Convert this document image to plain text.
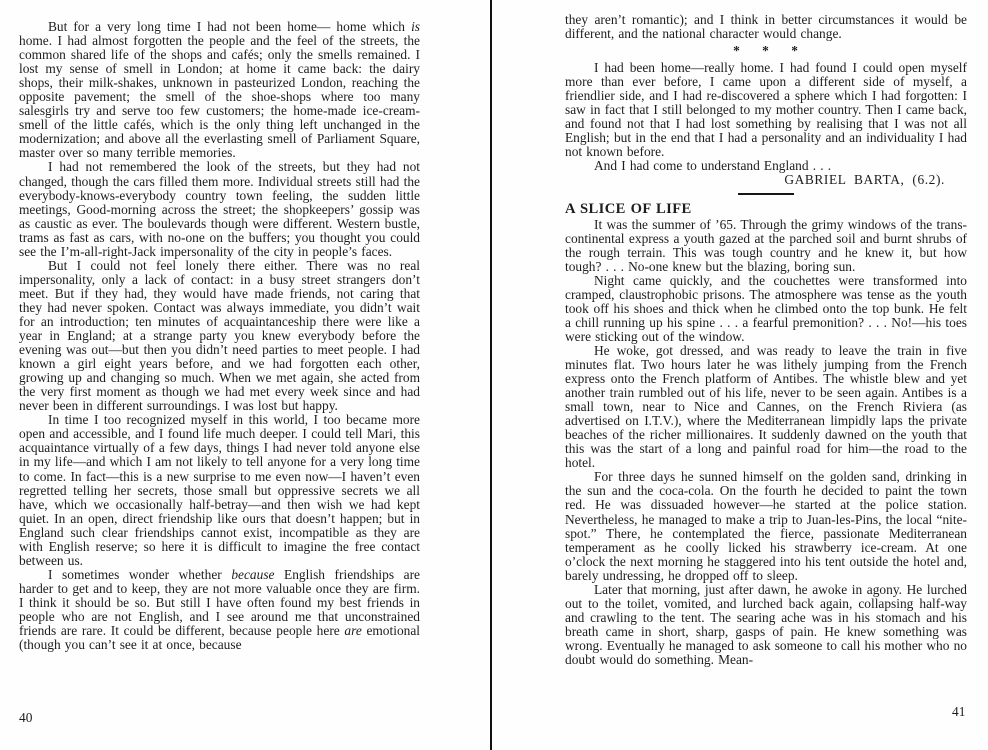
But for a very long time I had not been home— home which is home. I had almost forgotten the people and the feel of the streets, the common shared life of the shops and cafés; only the smells remained. I lost my sense of smell in London; at home it came back: the dairy shops, their milk-shakes, unknown in pasteurized London, reaching the opposite pavement; the smell of the shoe-shops where too many salesgirls try and serve too few customers; the home-made ice-cream-smell of the little cafés, which is the only thing left unchanged in the modernization; and above all the everlasting smell of Parliament Square, master over so many terrible memories.

I had not remembered the look of the streets, but they had not changed, though the cars filled them more. Individual streets still had the everybody-knows-everybody country town feeling, the sudden little meetings, Good-morning across the street; the shopkeepers’ gossip was as caustic as ever. The boulevards though were different. Western bustle, trams as fast as cars, with no-one on the buffers; you thought you could see the I’m-all-right-Jack impersonality of the city in people’s faces.

But I could not feel lonely there either. There was no real impersonality, only a lack of contact: in a busy street strangers don’t meet. But if they had, they would have made friends, not caring that they had never spoken. Contact was always immediate, you didn’t wait for an introduction; ten minutes of acquaintanceship there were like a year in England; at a strange party you knew everybody before the evening was out—but then you didn’t need parties to meet people. I had known a girl eight years before, and we had forgotten each other, growing up and changing so much. When we met again, she acted from the very first moment as though we had met every week since and had never been in different surroundings. I was lost but happy.

In time I too recognized myself in this world, I too became more open and accessible, and I found life much deeper. I could tell Mari, this acquaintance virtually of a few days, things I had never told anyone else in my life—and which I am not likely to tell anyone for a very long time to come. In fact—this is a new surprise to me even now—I haven’t even regretted telling her secrets, those small but oppressive secrets we all have, which we occasionally half-betray—and then wish we had kept quiet. In an open, direct friendship like ours that doesn’t happen; but in England such clear friendships cannot exist, incompatible as they are with English reserve; so here it is difficult to imagine the free contact between us.

I sometimes wonder whether because English friendships are harder to get and to keep, they are not more valuable once they are firm. I think it should be so. But still I have often found my best friends in people who are not English, and I see around me that unconstrained friends are rare. It could be different, because people here are emotional (though you can’t see it at once, because

they aren’t romantic); and I think in better circumstances it would be different, and the national character would change.

* * *

I had been home—really home. I had found I could open myself more than ever before, I came upon a different side of myself, a friendlier side, and I had re-discovered a sphere which I had forgotten: I saw in fact that I still belonged to my mother country. Then I came back, and found not that I had lost something by realising that I was not all English; but in the end that I had a personality and an individuality I had not known before.

And I had come to understand England . . .

GABRIEL BARTA, (6.2).
A SLICE OF LIFE

It was the summer of ’65. Through the grimy windows of the trans-continental express a youth gazed at the parched soil and burnt shrubs of the rough terrain. This was tough country and he knew it, but how tough? . . . No-one knew but the blazing, boring sun.

Night came quickly, and the couchettes were transformed into cramped, claustrophobic prisons. The atmosphere was tense as the youth took off his shoes and thick when he climbed onto the top bunk. He felt a chill running up his spine . . . a fearful premonition? . . . No!—his toes were sticking out of the window.

He woke, got dressed, and was ready to leave the train in five minutes flat. Two hours later he was lithely jumping from the French express onto the French platform of Antibes. The whistle blew and yet another train rumbled out of his life, never to be seen again. Antibes is a small town, near to Nice and Cannes, on the French Riviera (as advertised on I.T.V.), where the Mediterranean limpidly laps the private beaches of the richer millionaires. It suddenly dawned on the youth that this was the start of a long and painful road for him—the road to the hotel.

For three days he sunned himself on the golden sand, drinking in the sun and the coca-cola. On the fourth he decided to paint the town red. He was dissuaded however—he started at the police station. Nevertheless, he managed to make a trip to Juan-les-Pins, the local “nite-spot.” There, he contemplated the fierce, passionate Mediterranean temperament as he coolly licked his strawberry ice-cream. At one o’clock the next morning he staggered into his tent outside the hotel and, barely undressing, he dropped off to sleep.

Later that morning, just after dawn, he awoke in agony. He lurched out to the toilet, vomited, and lurched back again, collapsing half-way and crawling to the tent. The searing ache was in his stomach and his breath came in short, sharp, gasps of pain. He knew something was wrong. Eventually he managed to ask someone to call his mother who no doubt would do something. Mean-

40	41
